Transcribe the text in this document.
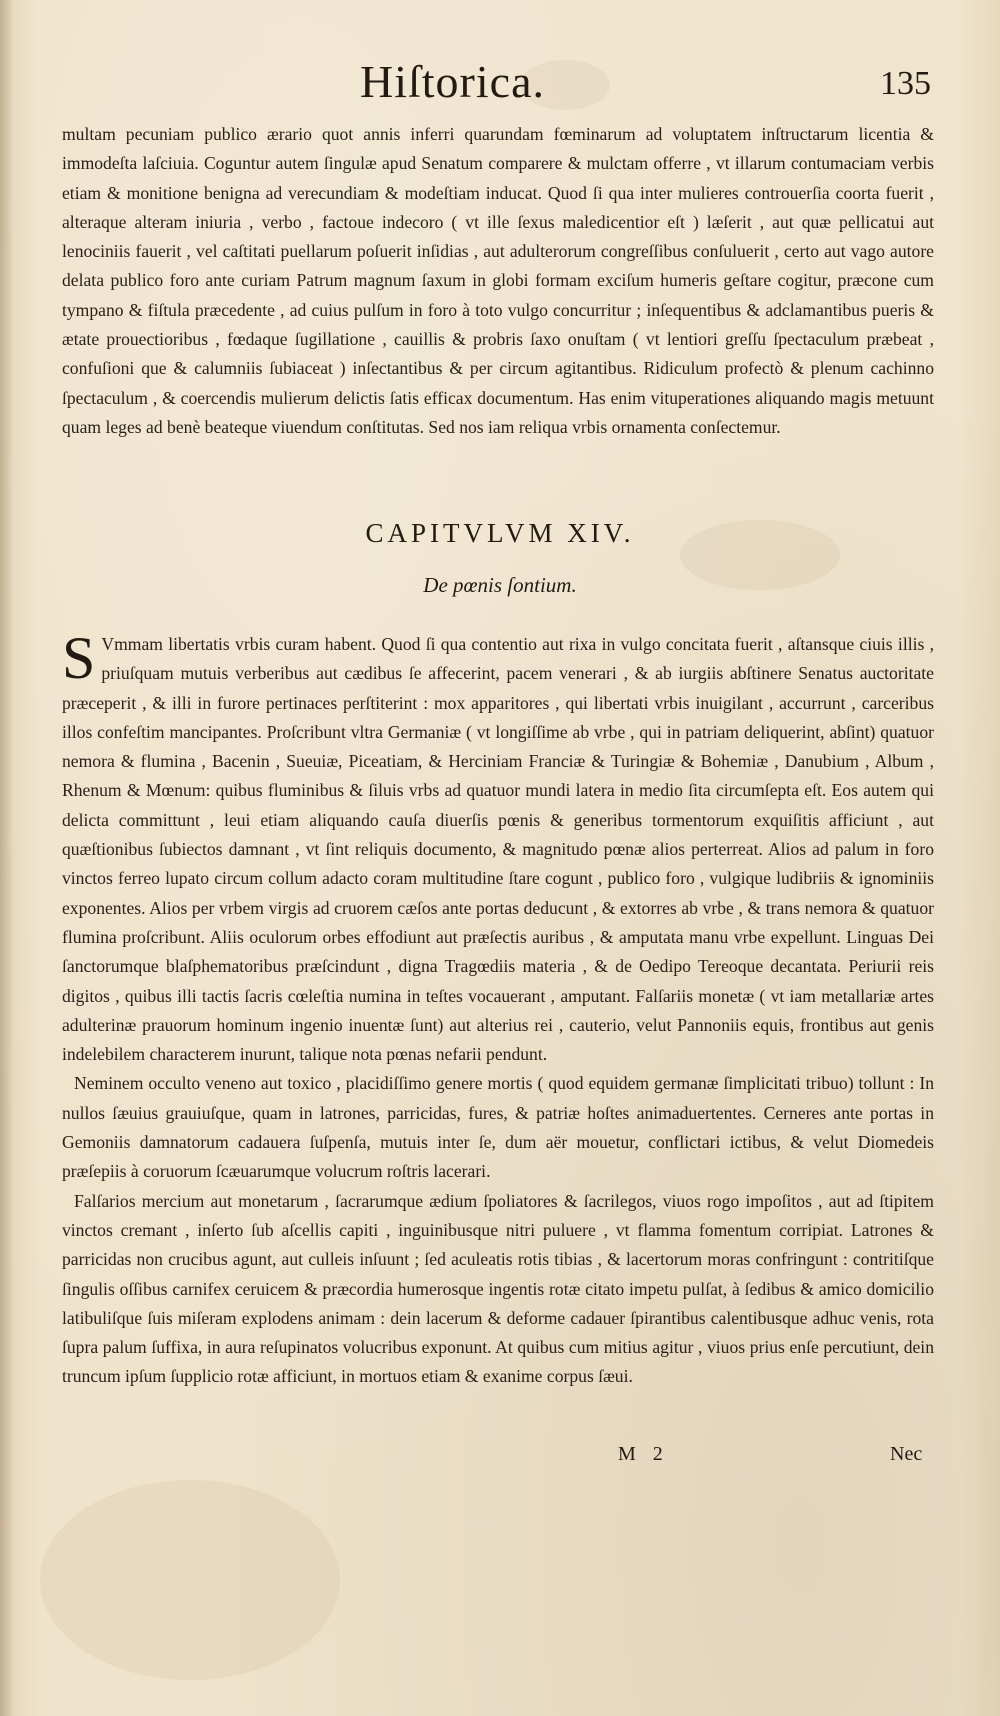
Hiſtorica.	135

multam pecuniam publico ærario quot annis inferri quarundam fœminarum ad voluptatem inſtructarum licentia & immodeſta laſciuia. Coguntur autem ſingulæ apud Senatum comparere & mulctam offerre , vt illarum contumaciam verbis etiam & monitione benigna ad verecundiam & modeſtiam inducat. Quod ſi qua inter mulieres controuerſia coorta fuerit , alteraque alteram iniuria , verbo , factoue indecoro ( vt ille ſexus maledicentior eſt ) læſerit , aut quæ pellicatui aut lenociniis fauerit , vel caſtitati puellarum poſuerit inſidias , aut adulterorum congreſſibus conſuluerit , certo aut vago autore delata publico foro ante curiam Patrum magnum ſaxum in globi formam exciſum humeris geſtare cogitur, præcone cum tympano & fiſtula præcedente , ad cuius pulſum in foro à toto vulgo concurritur ; inſequentibus & adclamantibus pueris & ætate prouectioribus , fœdaque ſugillatione , cauillis & probris ſaxo onuſtam ( vt lentiori greſſu ſpectaculum præbeat , confuſioni que & calumniis ſubiaceat ) inſectantibus & per circum agitantibus. Ridiculum profectò & plenum cachinno ſpectaculum , & coercendis mulierum delictis ſatis efficax documentum. Has enim vituperationes aliquando magis metuunt quam leges ad benè beateque viuendum conſtitutas. Sed nos iam reliqua vrbis ornamenta conſectemur.

CAPITVLVM XIV.
De pœnis ſontium.

S Vmmam libertatis vrbis curam habent. Quod ſi qua contentio aut rixa in vulgo concitata fuerit , aſtansque ciuis illis , priuſquam mutuis verberibus aut cædibus ſe affecerint, pacem venerari , & ab iurgiis abſtinere Senatus auctoritate præceperit , & illi in furore pertinaces perſtiterint : mox apparitores , qui libertati vrbis inuigilant , accurrunt , carceribus illos confeſtim mancipantes. Proſcribunt vltra Germaniæ ( vt longiſſime ab vrbe , qui in patriam deliquerint, abſint) quatuor nemora & flumina , Bacenin , Sueuiæ, Piceatiam, & Herciniam Franciæ & Turingiæ & Bohemiæ , Danubium , Album , Rhenum & Mœnum: quibus fluminibus & ſiluis vrbs ad quatuor mundi latera in medio ſita circumſepta eſt. Eos autem qui delicta committunt , leui etiam aliquando cauſa diuerſis pœnis & generibus tormentorum exquiſitis afficiunt , aut quæſtionibus ſubiectos damnant , vt ſint reliquis documento, & magnitudo pœnæ alios perterreat. Alios ad palum in foro vinctos ferreo lupato circum collum adacto coram multitudine ſtare cogunt , publico foro , vulgique ludibriis & ignominiis exponentes. Alios per vrbem virgis ad cruorem cæſos ante portas deducunt , & extorres ab vrbe , & trans nemora & quatuor flumina proſcribunt. Aliis oculorum orbes effodiunt aut præſectis auribus , & amputata manu vrbe expellunt. Linguas Dei ſanctorumque blaſphematoribus præſcindunt , digna Tragœdiis materia , & de Oedipo Tereoque decantata. Periurii reis digitos , quibus illi tactis ſacris cœleſtia numina in teſtes vocauerant , amputant. Falſariis monetæ ( vt iam metallariæ artes adulterinæ prauorum hominum ingenio inuentæ ſunt) aut alterius rei , cauterio, velut Pannoniis equis, frontibus aut genis indelebilem characterem inurunt, talique nota pœnas nefarii pendunt.

Neminem occulto veneno aut toxico , placidiſſimo genere mortis ( quod equidem germanæ ſimplicitati tribuo) tollunt : In nullos ſæuius grauiuſque, quam in latrones, parricidas, fures, & patriæ hoſtes animaduertentes. Cerneres ante portas in Gemoniis damnatorum cadauera ſuſpenſa, mutuis inter ſe, dum aër mouetur, conflictari ictibus, & velut Diomedeis præſepiis à coruorum ſcæuarumque volucrum roſtris lacerari.

Falſarios mercium aut monetarum , ſacrarumque ædium ſpoliatores & ſacrilegos, viuos rogo impoſitos , aut ad ſtipitem vinctos cremant , inſerto ſub aſcellis capiti , inguinibusque nitri puluere , vt flamma fomentum corripiat. Latrones & parricidas non crucibus agunt, aut culleis inſuunt ; ſed aculeatis rotis tibias , & lacertorum moras confringunt : contritiſque ſingulis oſſibus carnifex ceruicem & præcordia humerosque ingentis rotæ citato impetu pulſat, à ſedibus & amico domicilio latibuliſque ſuis miſeram explodens animam : dein lacerum & deforme cadauer ſpirantibus calentibusque adhuc venis, rota ſupra palum ſuffixa, in aura reſupinatos volucribus exponunt. At quibus cum mitius agitur , viuos prius enſe percutiunt, dein truncum ipſum ſupplicio rotæ afficiunt, in mortuos etiam & exanime corpus ſæui.

M 2	Nec
